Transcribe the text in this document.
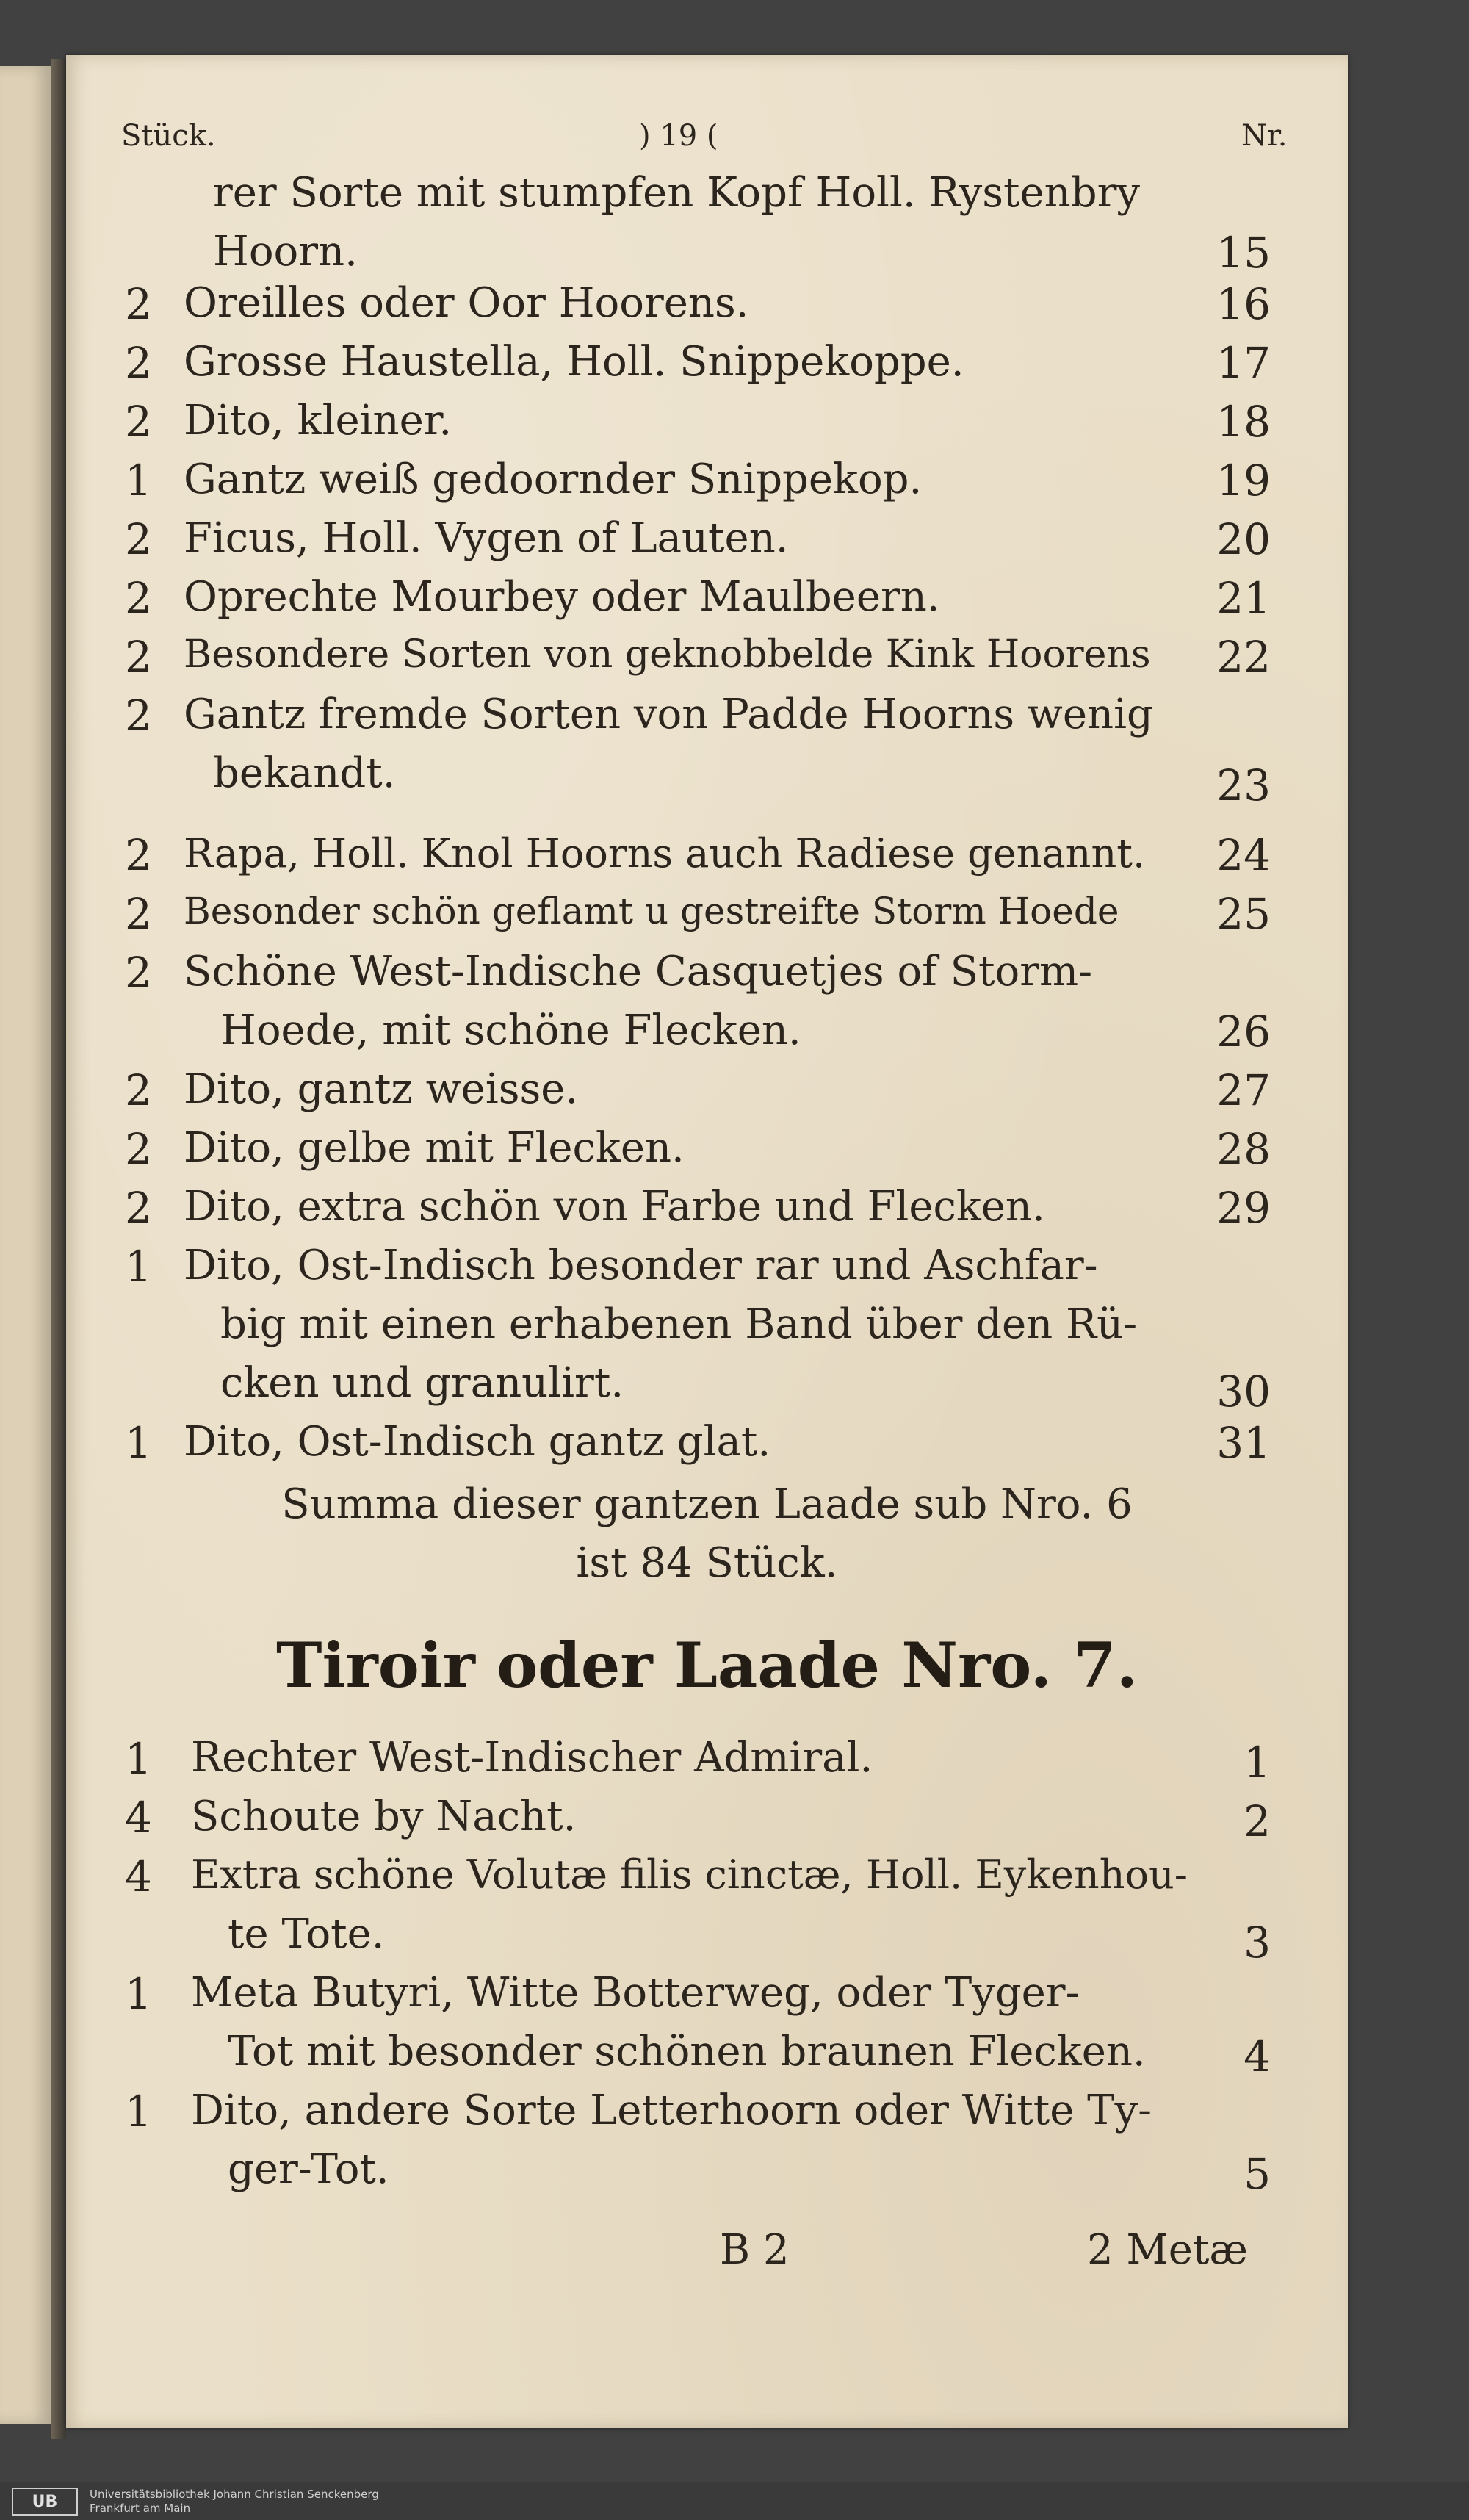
Stück.	) 19 (	Nr.
rer Sorte mit stumpfen Kopf Holl. Rystenbry
Hoorn.	15
2 Oreilles oder Oor Hoorens.	16
2 Grosse Haustella, Holl. Snippekoppe.	17
2 Dito, kleiner.	18
1 Gantz weiß gedoornder Snippekop.	19
2 Ficus, Holl. Vygen of Lauten.	20
2 Oprechte Mourbey oder Maulbeern.	21
2 Besondere Sorten von geknobbelde Kink Hoorens	22
2 Gantz fremde Sorten von Padde Hoorns wenig
bekandt.	23
2 Rapa, Holl. Knol Hoorns auch Radiese genannt.	24
2 Besonder schön geflamt u gestreifte Storm Hoede	25
2 Schöne West-Indische Casquetjes of Storm-
Hoede, mit schöne Flecken.	26
2 Dito, gantz weisse.	27
2 Dito, gelbe mit Flecken.	28
2 Dito, extra schön von Farbe und Flecken.	29
1 Dito, Ost-Indisch besonder rar und Aschfar-
big mit einen erhabenen Band über den Rü-
cken und granulirt.	30
1 Dito, Ost-Indisch gantz glat.	31
Summa dieser gantzen Laade sub Nro. 6
ist 84 Stück.
Tiroir oder Laade Nro. 7.
1 Rechter West-Indischer Admiral.	1
4 Schoute by Nacht.	2
4 Extra schöne Volutæ filis cinctæ, Holl. Eykenhou-
te Tote.	3
1 Meta Butyri, Witte Botterweg, oder Tyger-
Tot mit besonder schönen braunen Flecken.	4
1 Dito, andere Sorte Letterhoorn oder Witte Ty-
ger-Tot.	5
B 2	2 Metæ
UB	Universitätsbibliothek Johann Christian Senckenberg
Frankfurt am Main
